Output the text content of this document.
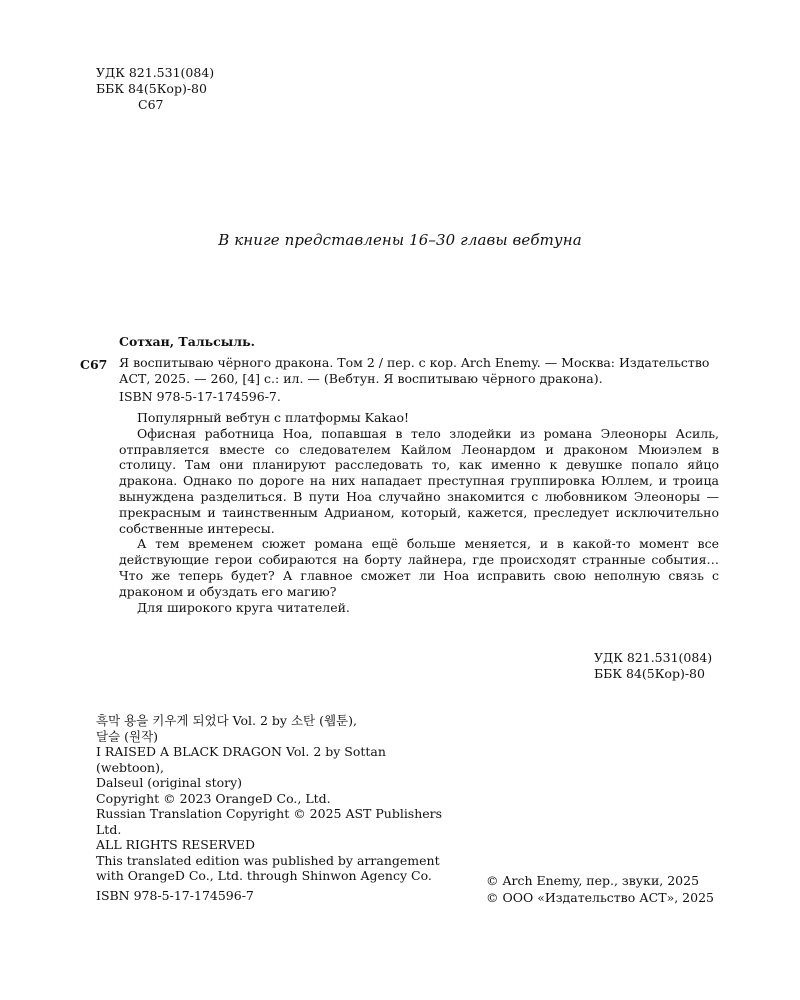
УДК 821.531(084)
ББК 84(5Кор)-80
С67
В книге представлены 16–30 главы вебтуна
Сотхан, Тальсыль.
С67 Я воспитываю чёрного дракона. Том 2 / пер. с кор. Arch Enemy. — Москва: Издательство АСТ, 2025. — 260, [4] с.: ил. — (Вебтун. Я воспитываю чёрного дракона).
ISBN 978-5-17-174596-7.

Популярный вебтун с платформы Kakao!

Офисная работница Ноа, попавшая в тело злодейки из романа Элеоноры Асиль, отправляется вместе со следователем Кайлом Леонардом и драконом Мюиэлем в столицу. Там они планируют расследовать то, как именно к девушке попало яйцо дракона. Однако по дороге на них нападает преступная группировка Юллем, и троица вынуждена разделиться. В пути Ноа случайно знакомится с любовником Элеоноры — прекрасным и таинственным Адрианом, который, кажется, преследует исключительно собственные интересы.

А тем временем сюжет романа ещё больше меняется, и в какой-то момент все действующие герои собираются на борту лайнера, где происходят странные события… Что же теперь будет? А главное сможет ли Ноа исправить свою неполную связь с драконом и обуздать его магию?

Для широкого круга читателей.

УДК 821.531(084)
ББК 84(5Кор)-80
흑막 용을 키우게 되었다 Vol. 2 by 소탄 (웹툰),
달슬 (원작)
I RAISED A BLACK DRAGON Vol. 2 by Sottan (webtoon),
Dalseul (original story)
Copyright © 2023 OrangeD Co., Ltd.
Russian Translation Copyright © 2025 AST Publishers Ltd.
ALL RIGHTS RESERVED
This translated edition was published by arrangement with OrangeD Co., Ltd. through Shinwon Agency Co.
ISBN 978-5-17-174596-7
© Arch Enemy, пер., звуки, 2025
© ООО «Издательство АСТ», 2025
